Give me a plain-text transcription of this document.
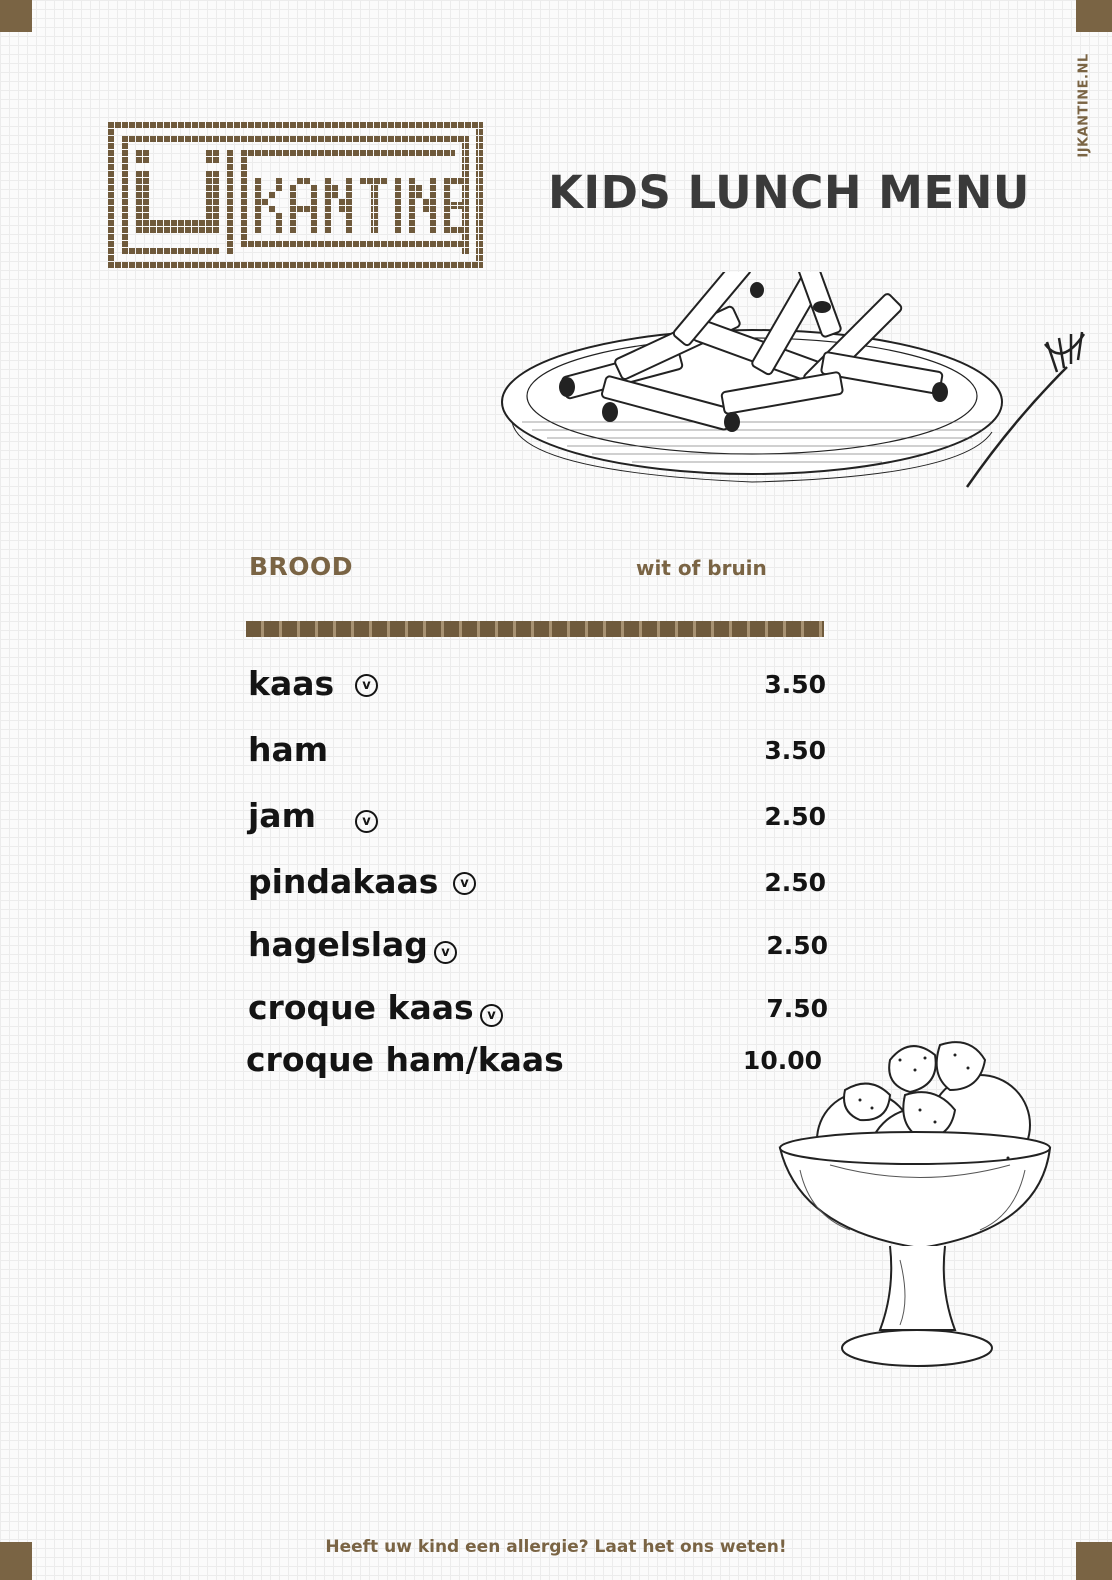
IJKANTINE.NL
KIDS LUNCH MENU
BROOD	wit of bruin
kaas	v	3.50
ham	3.50
jam	v	2.50
pindakaas	v	2.50
hagelslag	v	2.50
croque kaas	v	7.50
croque ham/kaas	10.00
Heeft uw kind een allergie? Laat het ons weten!
